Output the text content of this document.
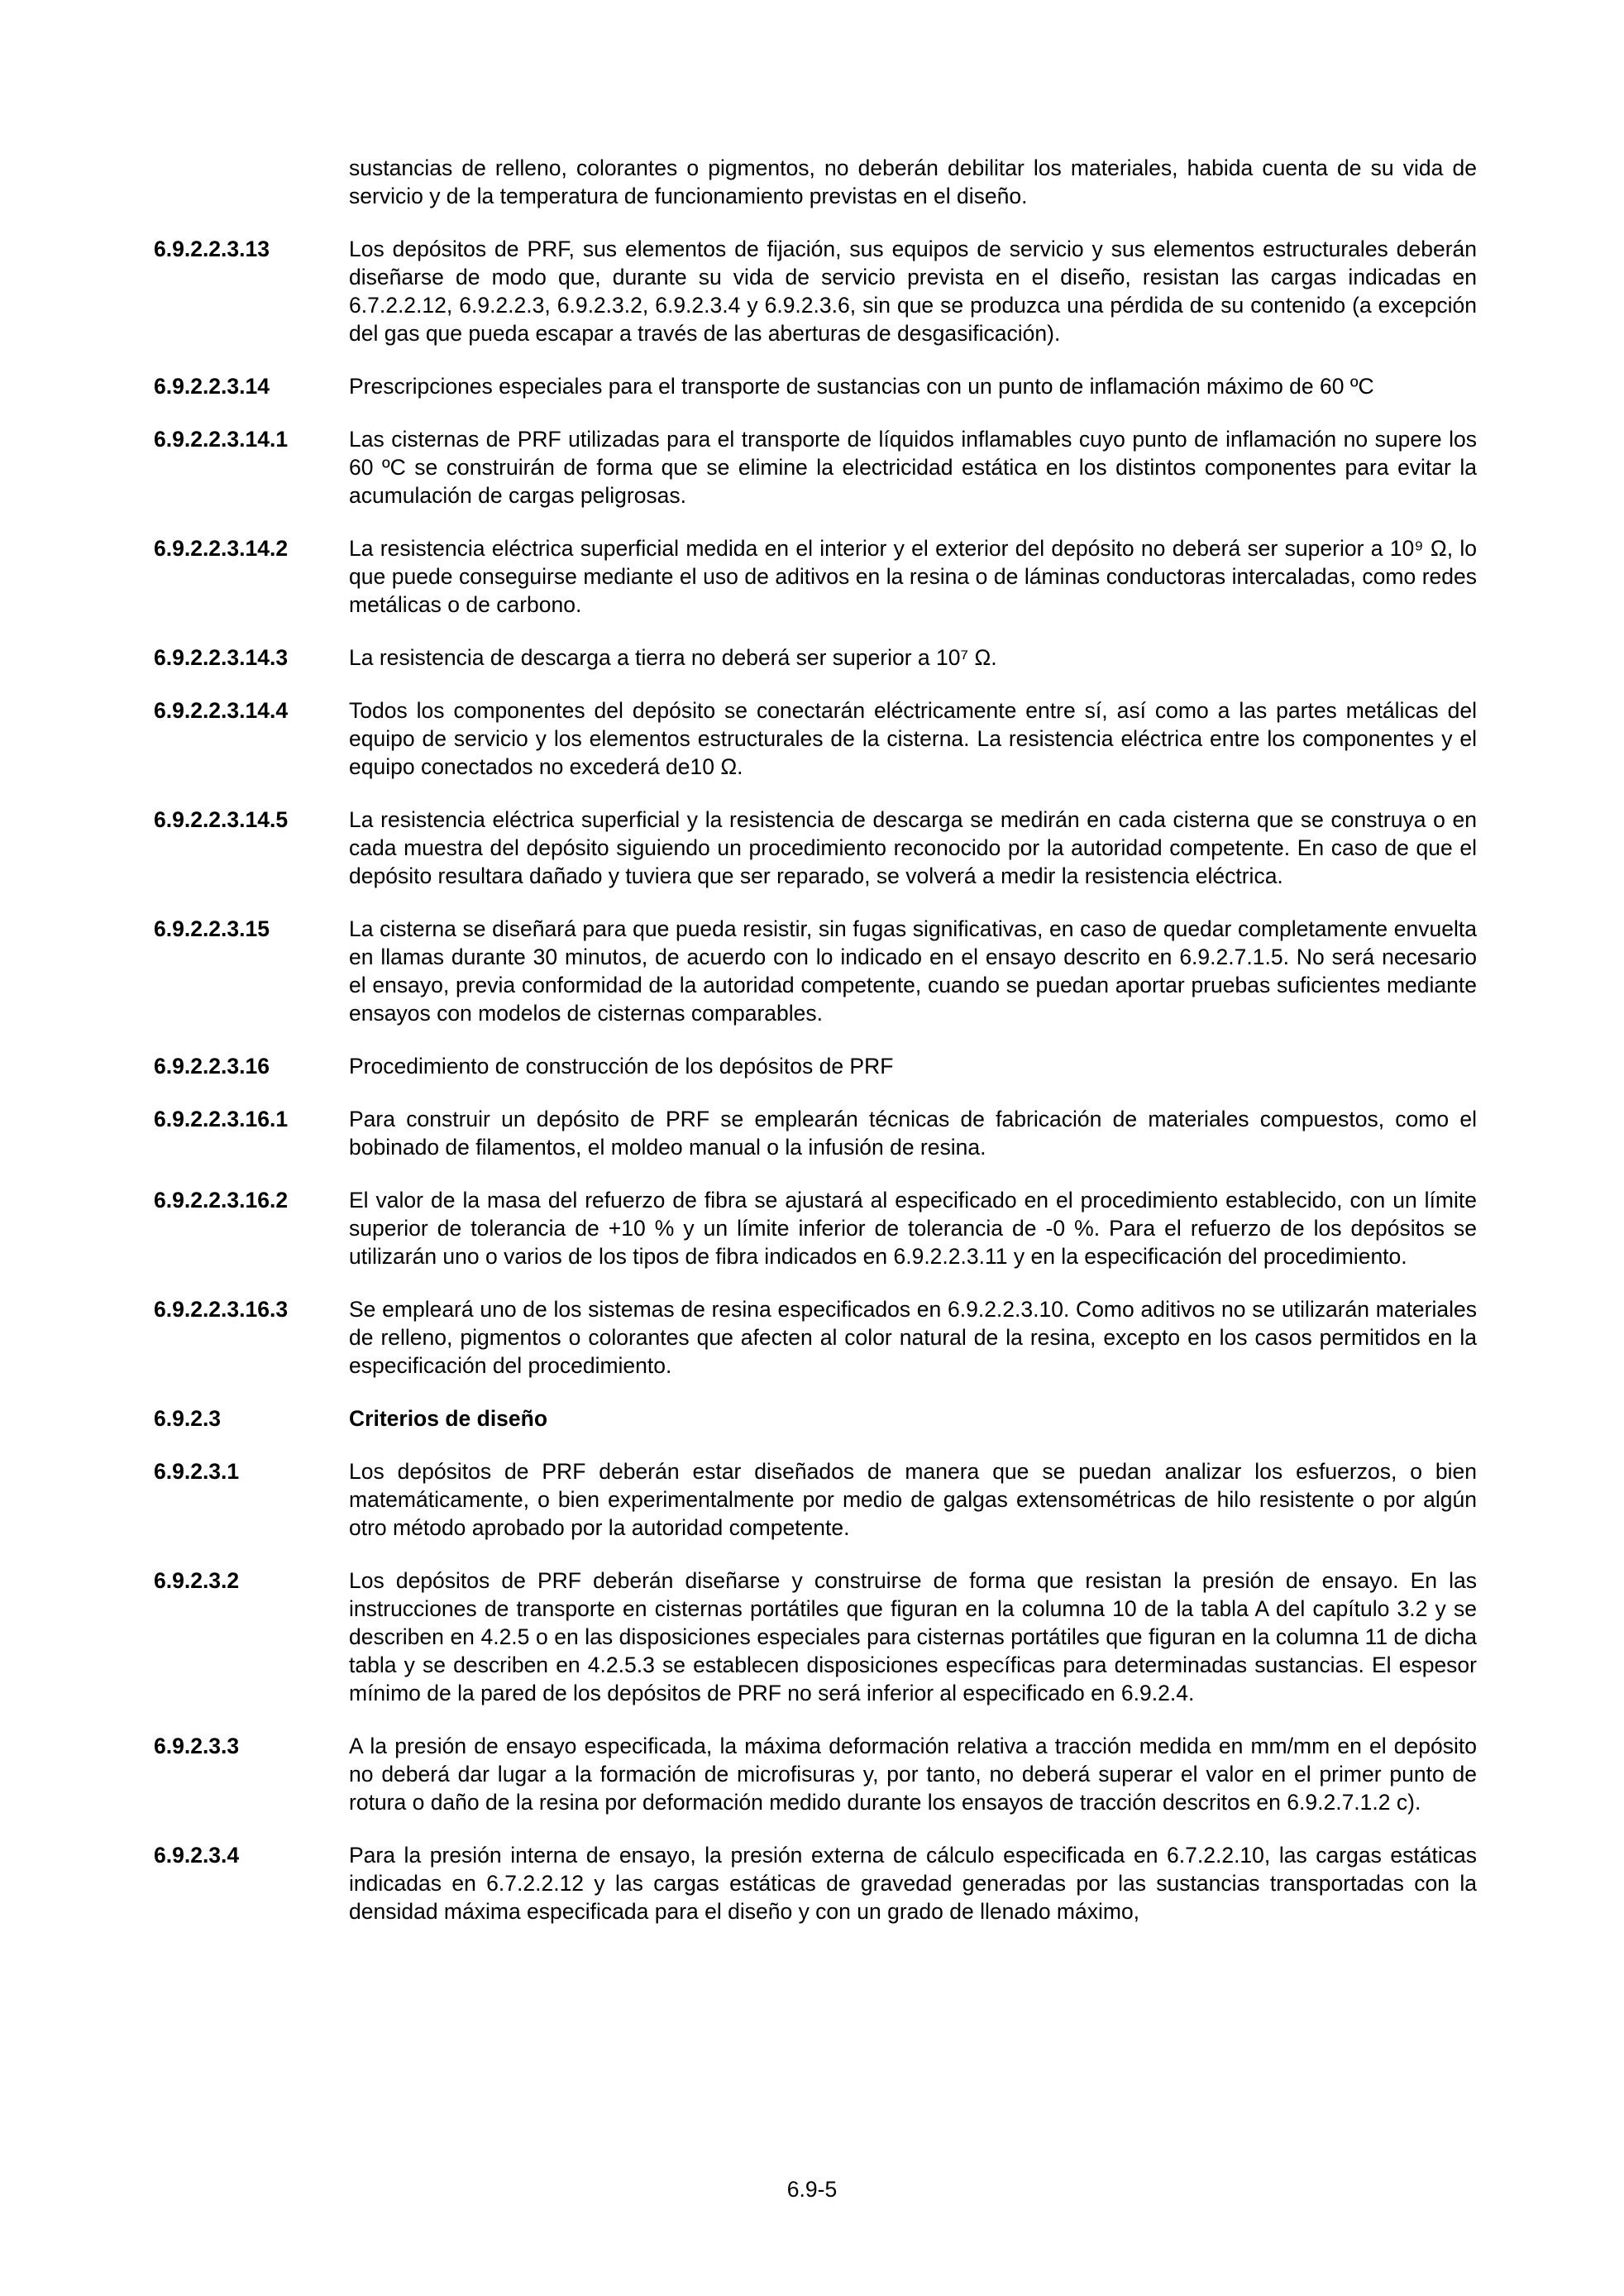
sustancias de relleno, colorantes o pigmentos, no deberán debilitar los materiales, habida cuenta de su vida de servicio y de la temperatura de funcionamiento previstas en el diseño.
6.9.2.2.3.13	Los depósitos de PRF, sus elementos de fijación, sus equipos de servicio y sus elementos estructurales deberán diseñarse de modo que, durante su vida de servicio prevista en el diseño, resistan las cargas indicadas en 6.7.2.2.12, 6.9.2.2.3, 6.9.2.3.2, 6.9.2.3.4 y 6.9.2.3.6, sin que se produzca una pérdida de su contenido (a excepción del gas que pueda escapar a través de las aberturas de desgasificación).
6.9.2.2.3.14	Prescripciones especiales para el transporte de sustancias con un punto de inflamación máximo de 60 ºC
6.9.2.2.3.14.1	Las cisternas de PRF utilizadas para el transporte de líquidos inflamables cuyo punto de inflamación no supere los 60 ºC se construirán de forma que se elimine la electricidad estática en los distintos componentes para evitar la acumulación de cargas peligrosas.
6.9.2.2.3.14.2	La resistencia eléctrica superficial medida en el interior y el exterior del depósito no deberá ser superior a 10⁹ Ω, lo que puede conseguirse mediante el uso de aditivos en la resina o de láminas conductoras intercaladas, como redes metálicas o de carbono.
6.9.2.2.3.14.3	La resistencia de descarga a tierra no deberá ser superior a 10⁷ Ω.
6.9.2.2.3.14.4	Todos los componentes del depósito se conectarán eléctricamente entre sí, así como a las partes metálicas del equipo de servicio y los elementos estructurales de la cisterna. La resistencia eléctrica entre los componentes y el equipo conectados no excederá de10 Ω.
6.9.2.2.3.14.5	La resistencia eléctrica superficial y la resistencia de descarga se medirán en cada cisterna que se construya o en cada muestra del depósito siguiendo un procedimiento reconocido por la autoridad competente. En caso de que el depósito resultara dañado y tuviera que ser reparado, se volverá a medir la resistencia eléctrica.
6.9.2.2.3.15	La cisterna se diseñará para que pueda resistir, sin fugas significativas, en caso de quedar completamente envuelta en llamas durante 30 minutos, de acuerdo con lo indicado en el ensayo descrito en 6.9.2.7.1.5. No será necesario el ensayo, previa conformidad de la autoridad competente, cuando se puedan aportar pruebas suficientes mediante ensayos con modelos de cisternas comparables.
6.9.2.2.3.16	Procedimiento de construcción de los depósitos de PRF
6.9.2.2.3.16.1	Para construir un depósito de PRF se emplearán técnicas de fabricación de materiales compuestos, como el bobinado de filamentos, el moldeo manual o la infusión de resina.
6.9.2.2.3.16.2	El valor de la masa del refuerzo de fibra se ajustará al especificado en el procedimiento establecido, con un límite superior de tolerancia de +10 % y un límite inferior de tolerancia de -0 %. Para el refuerzo de los depósitos se utilizarán uno o varios de los tipos de fibra indicados en 6.9.2.2.3.11 y en la especificación del procedimiento.
6.9.2.2.3.16.3	Se empleará uno de los sistemas de resina especificados en 6.9.2.2.3.10. Como aditivos no se utilizarán materiales de relleno, pigmentos o colorantes que afecten al color natural de la resina, excepto en los casos permitidos en la especificación del procedimiento.
6.9.2.3	Criterios de diseño
6.9.2.3.1	Los depósitos de PRF deberán estar diseñados de manera que se puedan analizar los esfuerzos, o bien matemáticamente, o bien experimentalmente por medio de galgas extensométricas de hilo resistente o por algún otro método aprobado por la autoridad competente.
6.9.2.3.2	Los depósitos de PRF deberán diseñarse y construirse de forma que resistan la presión de ensayo. En las instrucciones de transporte en cisternas portátiles que figuran en la columna 10 de la tabla A del capítulo 3.2 y se describen en 4.2.5 o en las disposiciones especiales para cisternas portátiles que figuran en la columna 11 de dicha tabla y se describen en 4.2.5.3 se establecen disposiciones específicas para determinadas sustancias. El espesor mínimo de la pared de los depósitos de PRF no será inferior al especificado en 6.9.2.4.
6.9.2.3.3	A la presión de ensayo especificada, la máxima deformación relativa a tracción medida en mm/mm en el depósito no deberá dar lugar a la formación de microfisuras y, por tanto, no deberá superar el valor en el primer punto de rotura o daño de la resina por deformación medido durante los ensayos de tracción descritos en 6.9.2.7.1.2 c).
6.9.2.3.4	Para la presión interna de ensayo, la presión externa de cálculo especificada en 6.7.2.2.10, las cargas estáticas indicadas en 6.7.2.2.12 y las cargas estáticas de gravedad generadas por las sustancias transportadas con la densidad máxima especificada para el diseño y con un grado de llenado máximo,
6.9-5
